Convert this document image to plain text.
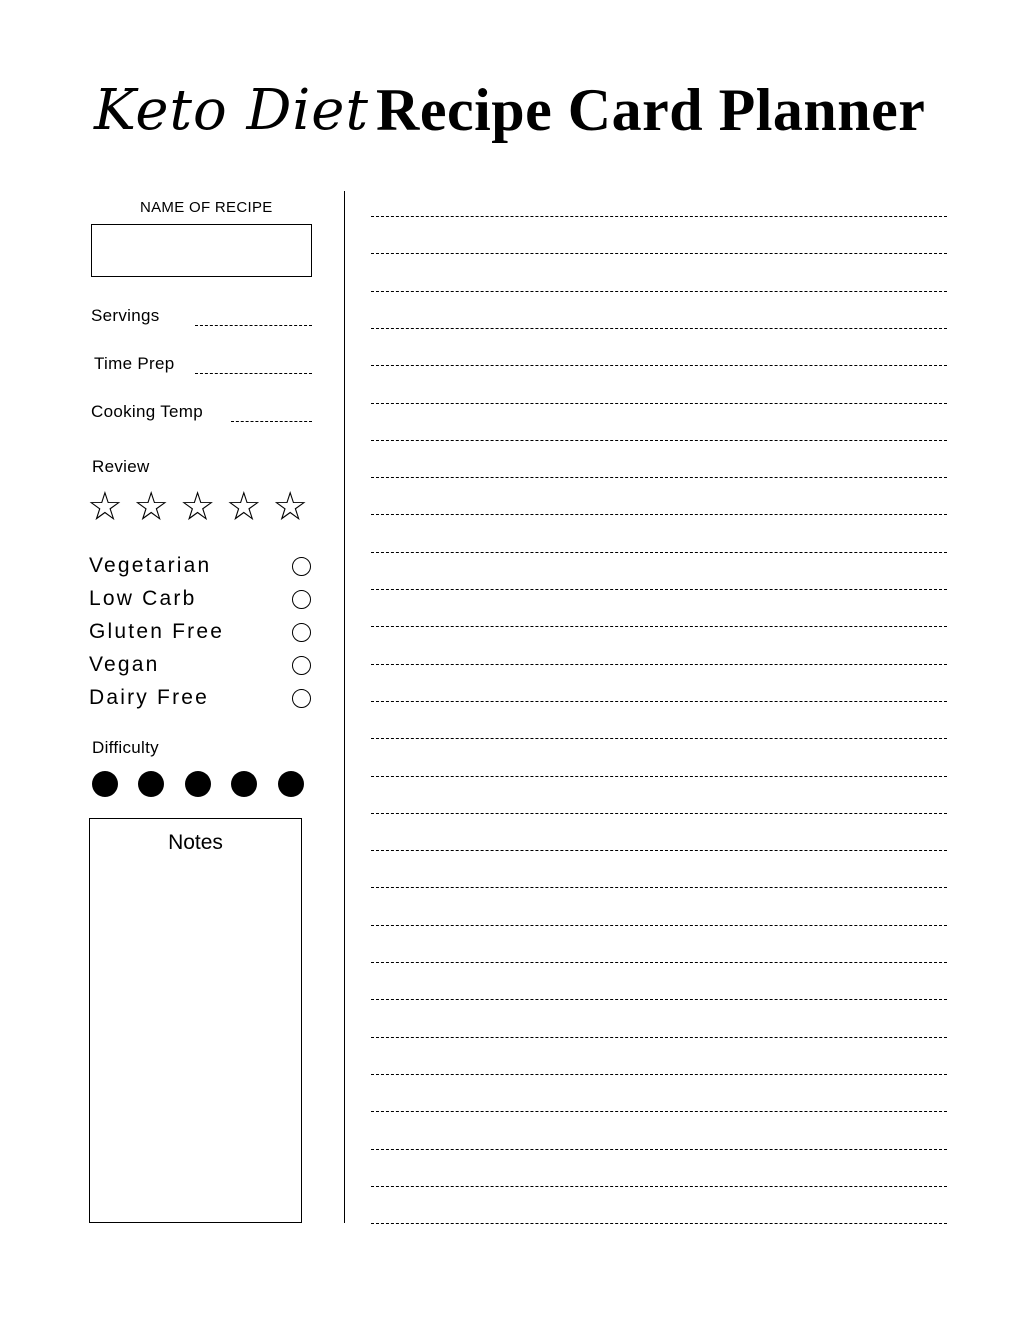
Keto Diet Recipe Card Planner
NAME OF RECIPE
Servings
Time Prep
Cooking Temp
Review
☆ ☆ ☆ ☆ ☆
Vegetarian
Low Carb
Gluten Free
Vegan
Dairy Free
Difficulty
Notes
